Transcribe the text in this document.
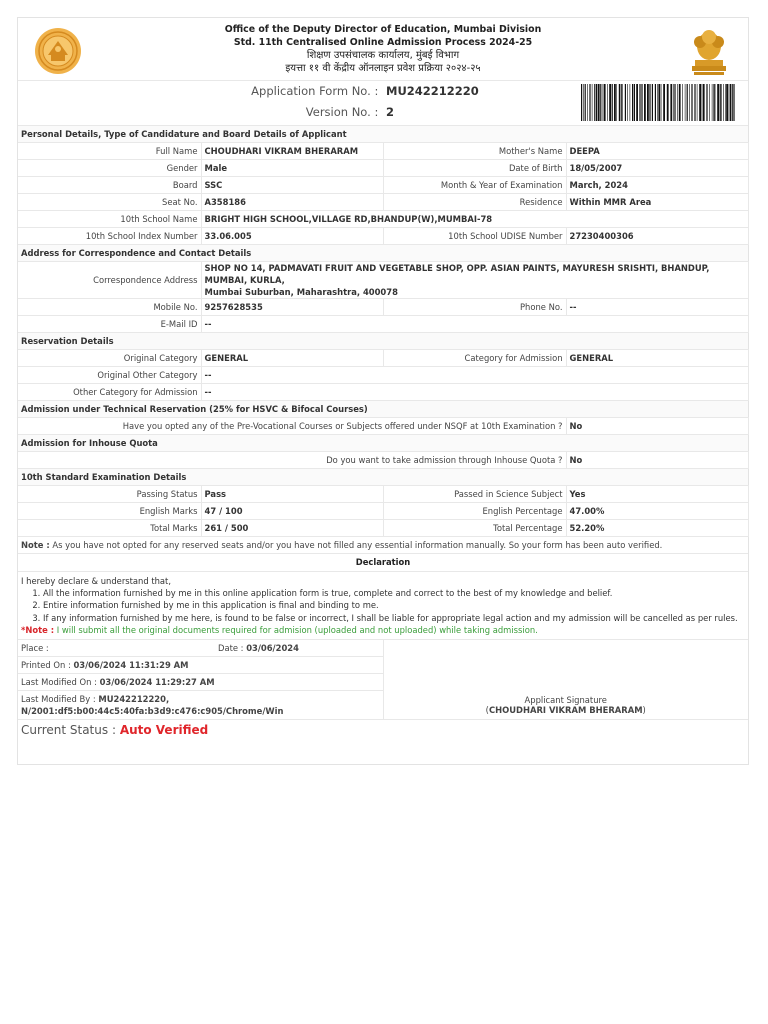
Office of the Deputy Director of Education, Mumbai Division
Std. 11th Centralised Online Admission Process 2024-25
शिक्षण उपसंचालक कार्यालय, मुंबई विभाग
इयत्ता ११ वी केंद्रीय ऑनलाइन प्रवेश प्रक्रिया २०२४-२५
Application Form No. : MU242212220
Version No. : 2
Personal Details, Type of Candidature and Board Details of Applicant			
Full Name	CHOUDHARI VIKRAM BHERARAM	Mother's Name	DEEPA
Gender	Male	Date of Birth	18/05/2007
Board	SSC	Month & Year of Examination	March, 2024
Seat No.	A358186	Residence	Within MMR Area
10th School Name	BRIGHT HIGH SCHOOL,VILLAGE RD,BHANDUP(W),MUMBAI-78		
10th School Index Number	33.06.005	10th School UDISE Number	27230400306
Address for Correspondence and Contact Details			
Correspondence Address	SHOP NO 14, PADMAVATI FRUIT AND VEGETABLE SHOP, OPP. ASIAN PAINTS, MAYURESH SRISHTI, BHANDUP, MUMBAI, KURLA,
Mumbai Suburban, Maharashtra, 400078		

Mobile No.	9257628535	Phone No.	--
E-Mail ID	--		
Reservation Details			
Original Category	GENERAL	Category for Admission	GENERAL
Original Other Category	--		
Other Category for Admission	--		
Admission under Technical Reservation (25% for HSVC & Bifocal Courses)			
Have you opted any of the Pre-Vocational Courses or Subjects offered under NSQF at 10th Examination ?			No
Admission for Inhouse Quota			
Do you want to take admission through Inhouse Quota ?			No
10th Standard Examination Details			
Passing Status	Pass	Passed in Science Subject	Yes
English Marks	47 / 100	English Percentage	47.00%
Total Marks	261 / 500	Total Percentage	52.20%
Note : As you have not opted for any reserved seats and/or you have not filled any essential information manually. So your form has been auto verified.			
Declaration			
I hereby declare & understand that,
1. All the information furnished by me in this online application form is true, complete and correct to the best of my knowledge and belief.
2. Entire information furnished by me in this application is final and binding to me.
3. If any information furnished by me here, is found to be false or incorrect, I shall be liable for appropriate legal action and my admission will be cancelled as per rules.
*Note : I will submit all the original documents required for admision (uploaded and not uploaded) while taking admission.
Place :	Date : 03/06/2024	
Applicant Signature
(CHOUDHARI VIKRAM BHERARAM)

Printed On : 03/06/2024 11:31:29 AM
Last Modified On : 03/06/2024 11:29:27 AM

Last Modified By : MU242212220,
N/2001:df5:b00:44c5:40fa:b3d9:c476:c905/Chrome/Win
Current Status : Auto Verified
